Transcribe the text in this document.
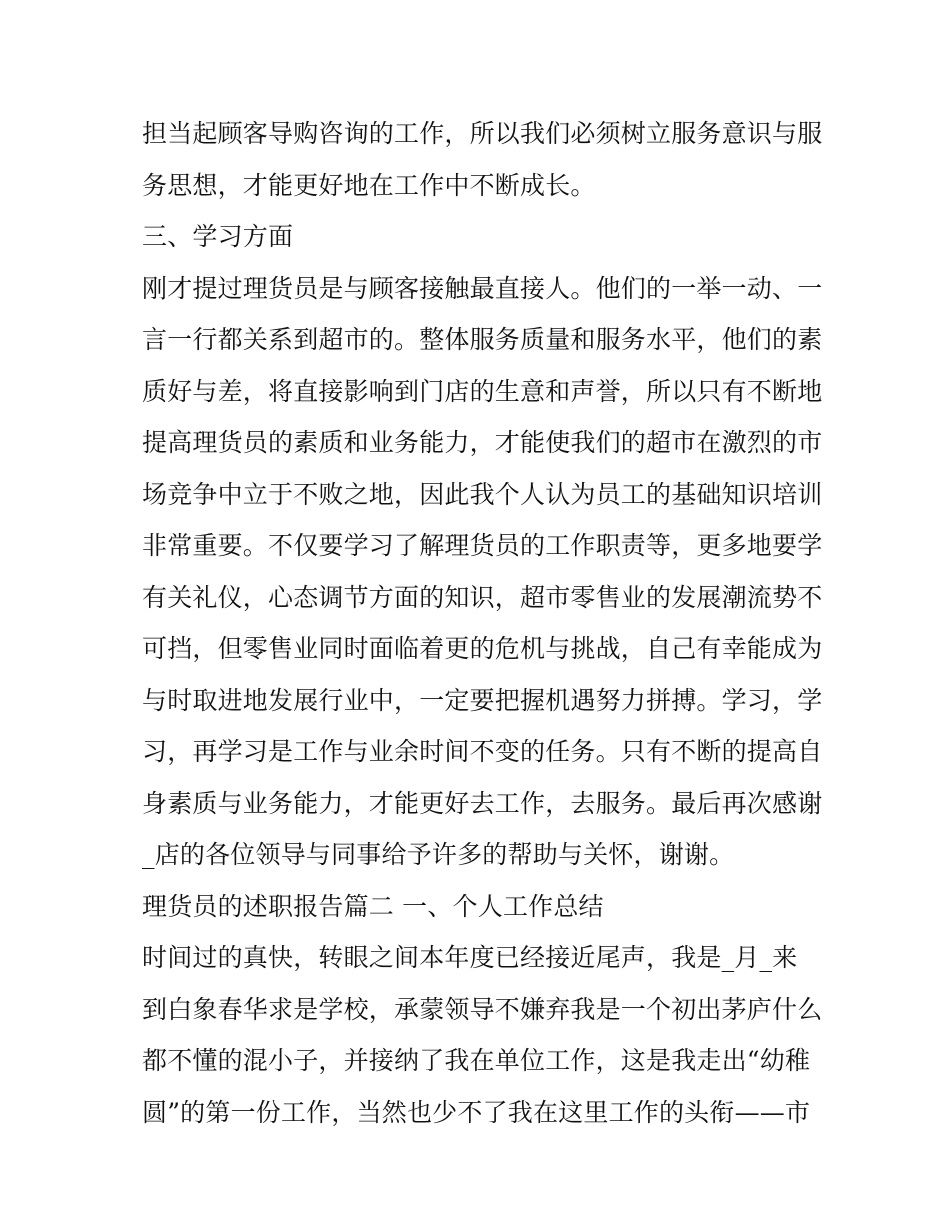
担当起顾客导购咨询的工作，所以我们必须树立服务意识与服
务思想，才能更好地在工作中不断成长。
三、学习方面
刚才提过理货员是与顾客接触最直接人。他们的一举一动、一
言一行都关系到超市的。整体服务质量和服务水平，他们的素
质好与差，将直接影响到门店的生意和声誉，所以只有不断地
提高理货员的素质和业务能力，才能使我们的超市在激烈的市
场竞争中立于不败之地，因此我个人认为员工的基础知识培训
非常重要。不仅要学习了解理货员的工作职责等，更多地要学
有关礼仪，心态调节方面的知识，超市零售业的发展潮流势不
可挡，但零售业同时面临着更的危机与挑战，自己有幸能成为
与时取进地发展行业中，一定要把握机遇努力拼搏。学习，学
习，再学习是工作与业余时间不变的任务。只有不断的提高自
身素质与业务能力，才能更好去工作，去服务。最后再次感谢
_店的各位领导与同事给予许多的帮助与关怀，谢谢。
理货员的述职报告篇二 一、个人工作总结
时间过的真快，转眼之间本年度已经接近尾声，我是_月_来
到白象春华求是学校，承蒙领导不嫌弃我是一个初出茅庐什么
都不懂的混小子，并接纳了我在单位工作，这是我走出“幼稚
圆”的第一份工作，当然也少不了我在这里工作的头衔——市
